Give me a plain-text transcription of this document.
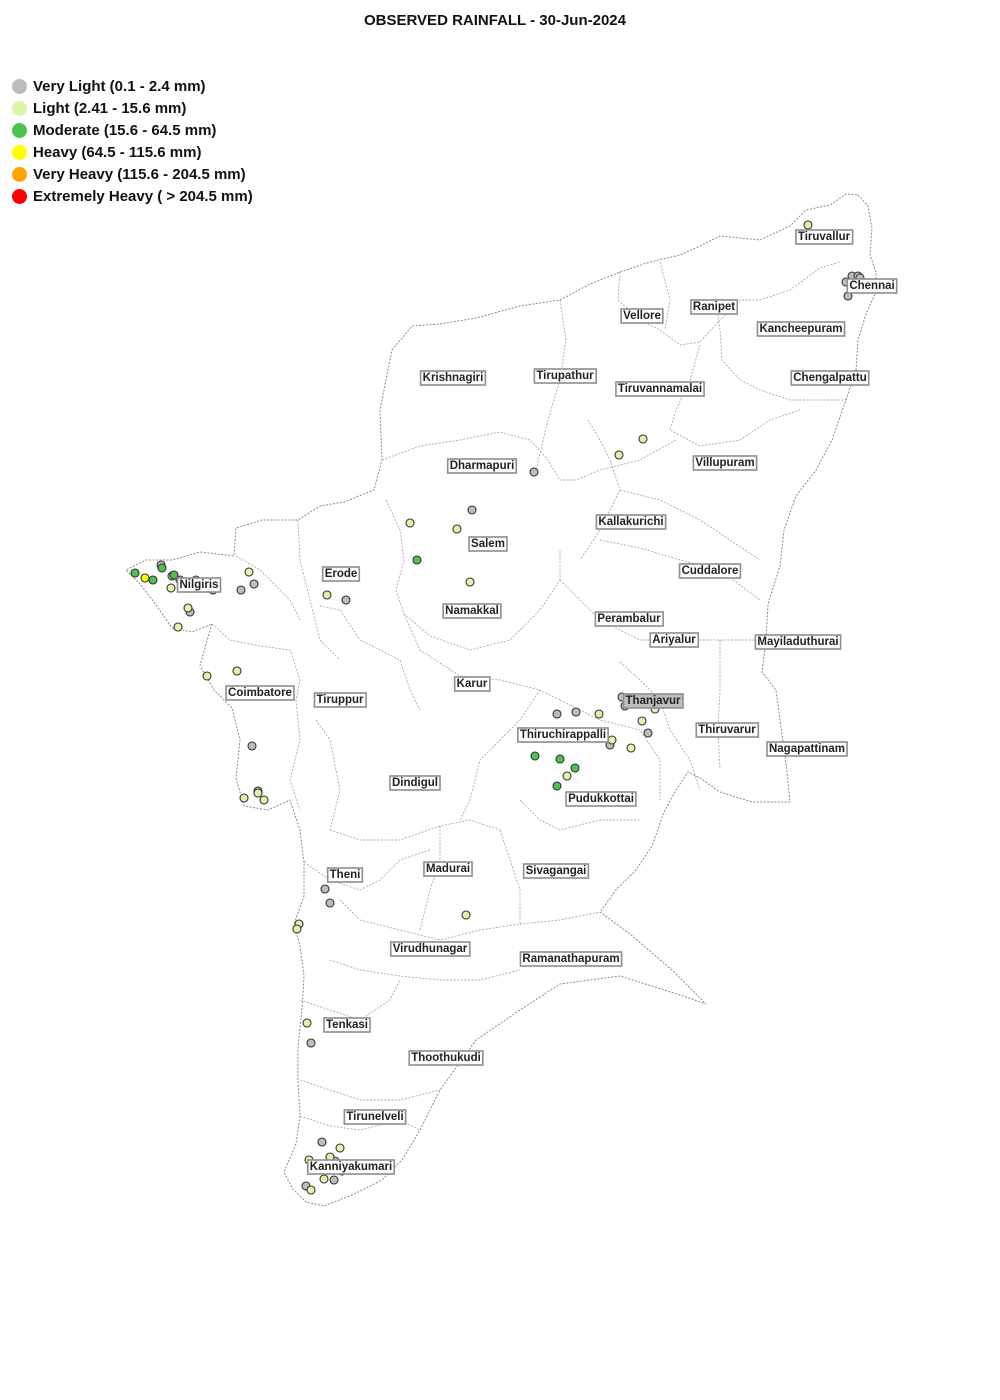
Tiruvallur
Chennai
Ranipet
Vellore
Kancheepuram
Krishnagiri	Tirupathur
Tiruvannamalai
Chengalpattu
Dharmapuri	Villupuram
Kallakurichi
Salem
Erode
Nilgiris
Cuddalore
Namakkal
Perambalur
Ariyalur	Mayiladuthurai
Karur
Coimbatore
Tiruppur	Thanjavur
Thiruchirappalli	Thiruvarur
Nagapattinam
Pudukkottai
Dindigul
Madurai	Sivagangai
Theni
Virudhunagar
Ramanathapuram
Tenkasi
Thoothukudi
Tirunelveli
Kanniyakumari
OBSERVED RAINFALL - 30-Jun-2024
Very Light (0.1 - 2.4 mm)
Light (2.41 - 15.6 mm)
Moderate (15.6 - 64.5 mm)
Heavy (64.5 - 115.6 mm)
Very Heavy (115.6 - 204.5 mm)
Extremely Heavy ( > 204.5 mm)
